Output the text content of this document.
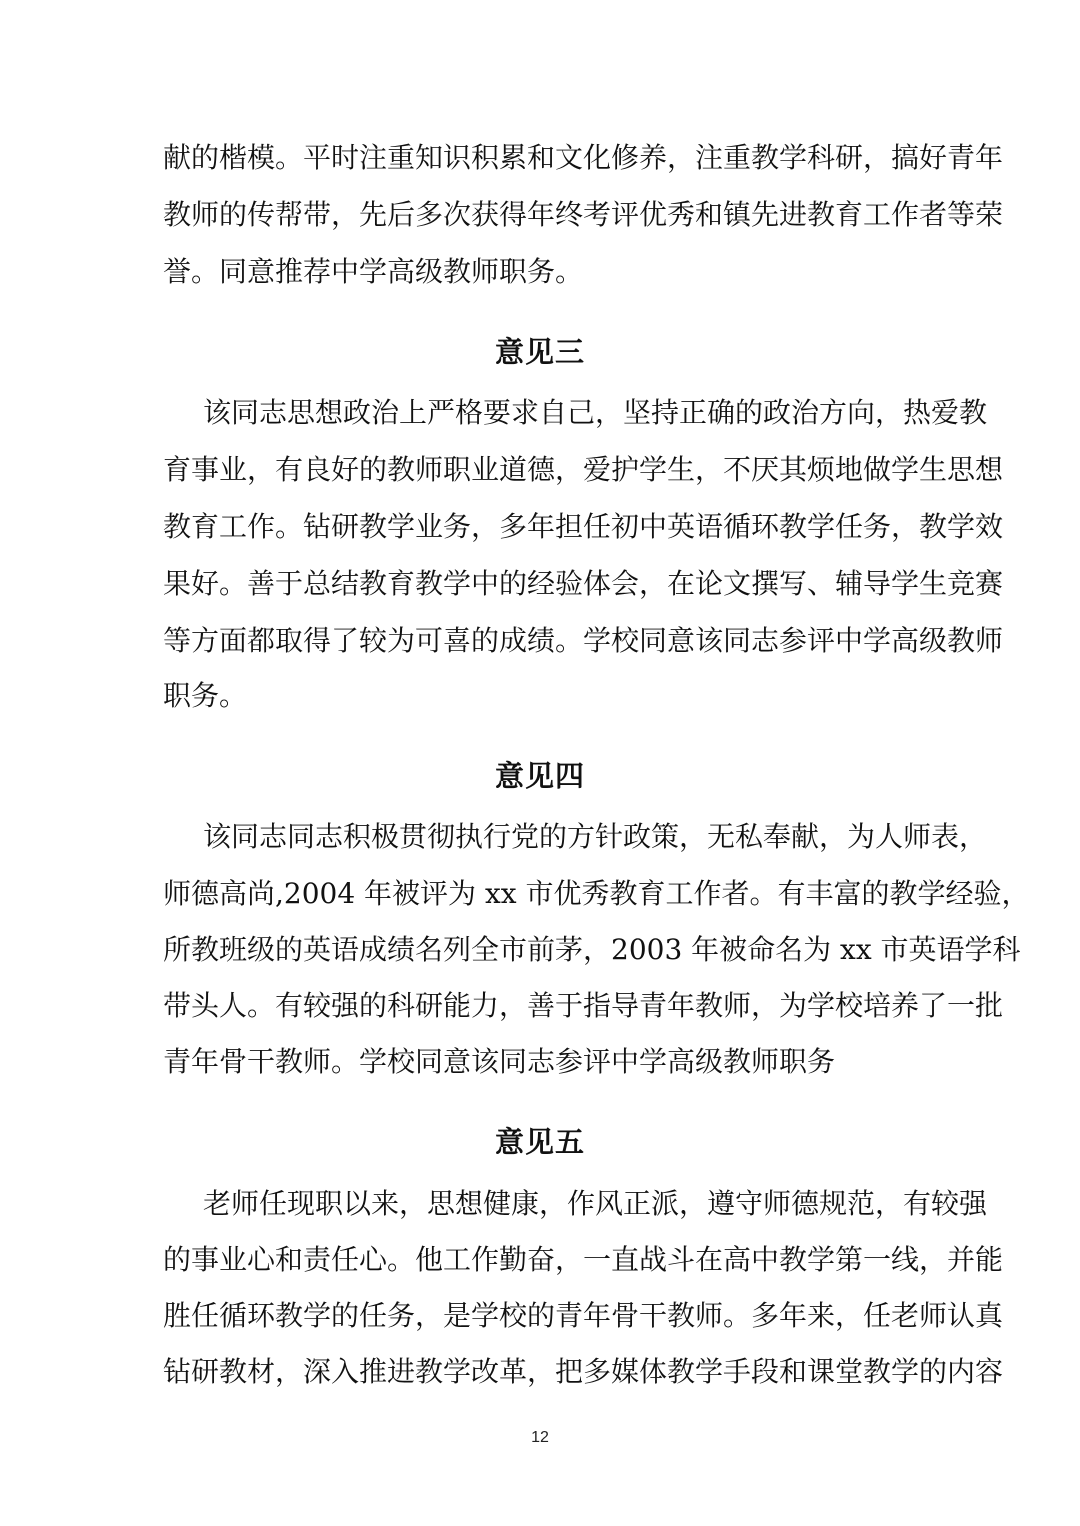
献的楷模。平时注重知识积累和文化修养，注重教学科研，搞好青年
教师的传帮带，先后多次获得年终考评优秀和镇先进教育工作者等荣
誉。同意推荐中学高级教师职务。
意见三
该同志思想政治上严格要求自己，坚持正确的政治方向，热爱教
育事业，有良好的教师职业道德，爱护学生，不厌其烦地做学生思想
教育工作。钻研教学业务，多年担任初中英语循环教学任务，教学效
果好。善于总结教育教学中的经验体会，在论文撰写、辅导学生竞赛
等方面都取得了较为可喜的成绩。学校同意该同志参评中学高级教师
职务。
意见四
该同志同志积极贯彻执行党的方针政策，无私奉献，为人师表，
师德高尚,2004 年被评为 xx 市优秀教育工作者。有丰富的教学经验，
所教班级的英语成绩名列全市前茅，2003 年被命名为 xx 市英语学科
带头人。有较强的科研能力，善于指导青年教师，为学校培养了一批
青年骨干教师。学校同意该同志参评中学高级教师职务
意见五
老师任现职以来，思想健康，作风正派，遵守师德规范，有较强
的事业心和责任心。他工作勤奋，一直战斗在高中教学第一线，并能
胜任循环教学的任务，是学校的青年骨干教师。多年来，任老师认真
钻研教材，深入推进教学改革，把多媒体教学手段和课堂教学的内容
12
